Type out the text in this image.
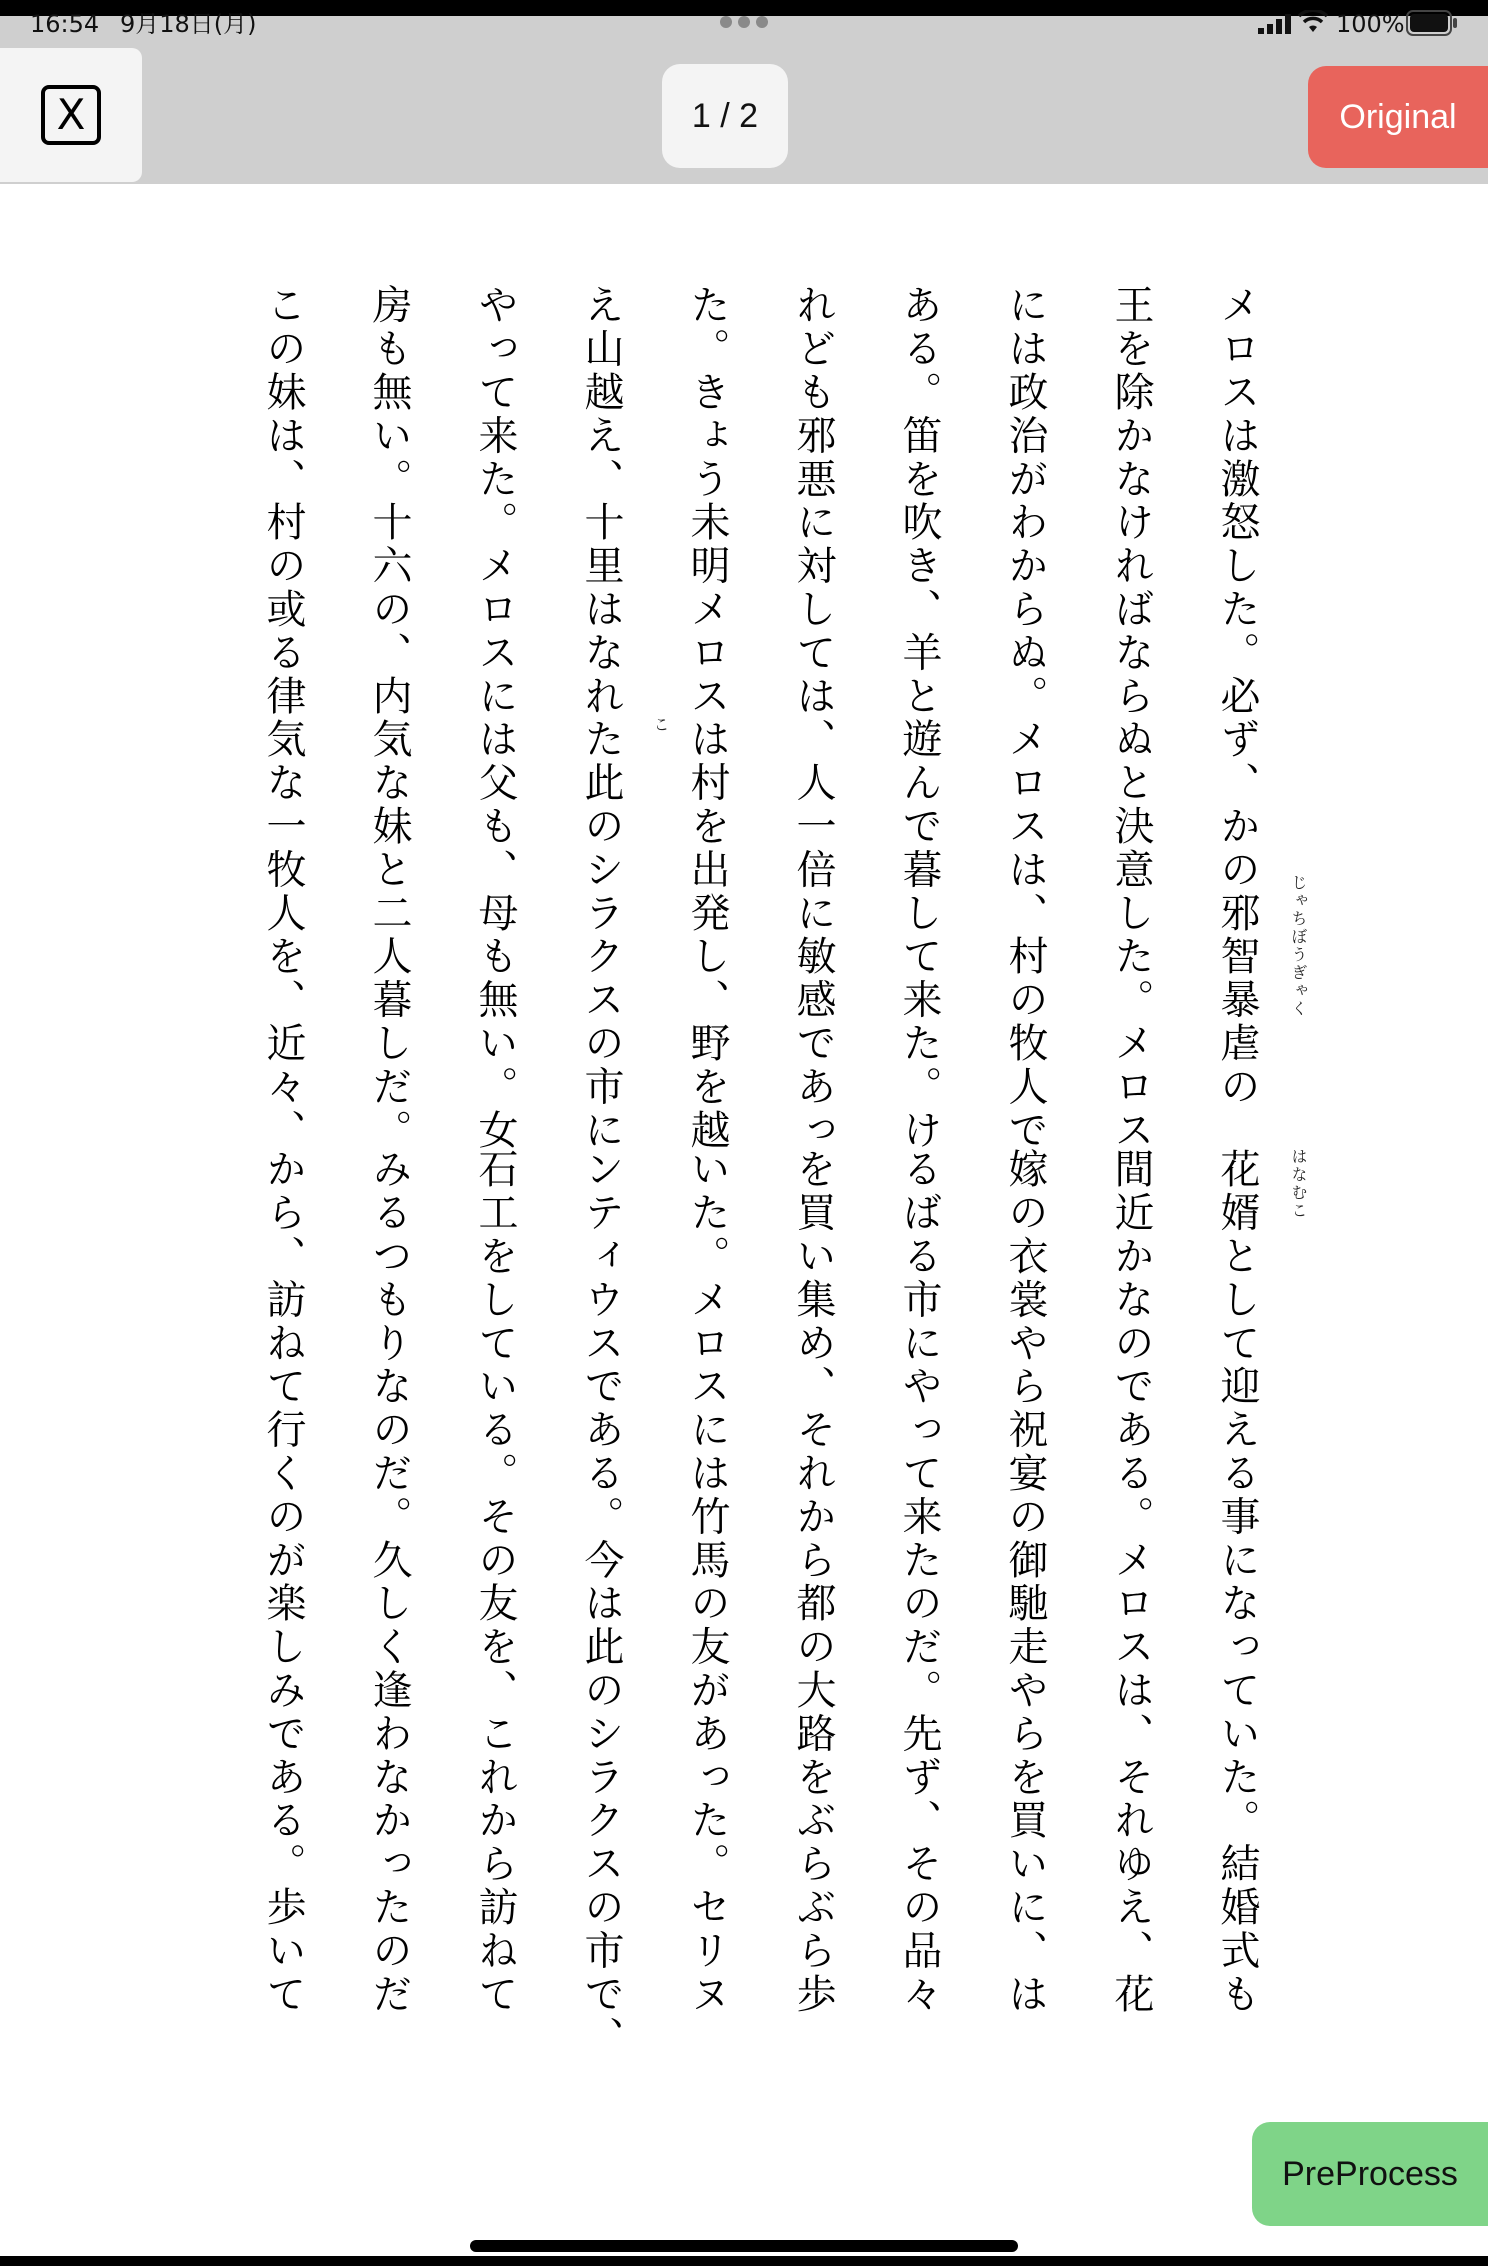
16:54 9月18日(月)	100%
X	1 / 2	Original

メロスは激怒した。必ず、かの邪智暴虐の
王を除かなければならぬと決意した。メロス
には政治がわからぬ。メロスは、村の牧人で
ある。笛を吹き、羊と遊んで暮して来た。け
れども邪悪に対しては、人一倍に敏感であっ
た。きょう未明メロスは村を出発し、野を越
え山越え、十里はなれた此のシラクスの市に
やって来た。メロスには父も、母も無い。女
房も無い。十六の、内気な妹と二人暮しだ。
この妹は、村の或る律気な一牧人を、近々、

花婿として迎える事になっていた。結婚式も
間近かなのである。メロスは、それゆえ、花
嫁の衣裳やら祝宴の御馳走やらを買いに、は
るばる市にやって来たのだ。先ず、その品々
を買い集め、それから都の大路をぶらぶら歩
いた。メロスには竹馬の友があった。セリヌ
ンティウスである。今は此のシラクスの市で、
石工をしている。その友を、これから訪ねて
みるつもりなのだ。久しく逢わなかったのだ
から、訪ねて行くのが楽しみである。歩いて

じゃちぼうぎゃく
はなむこ
こ
PreProcess
